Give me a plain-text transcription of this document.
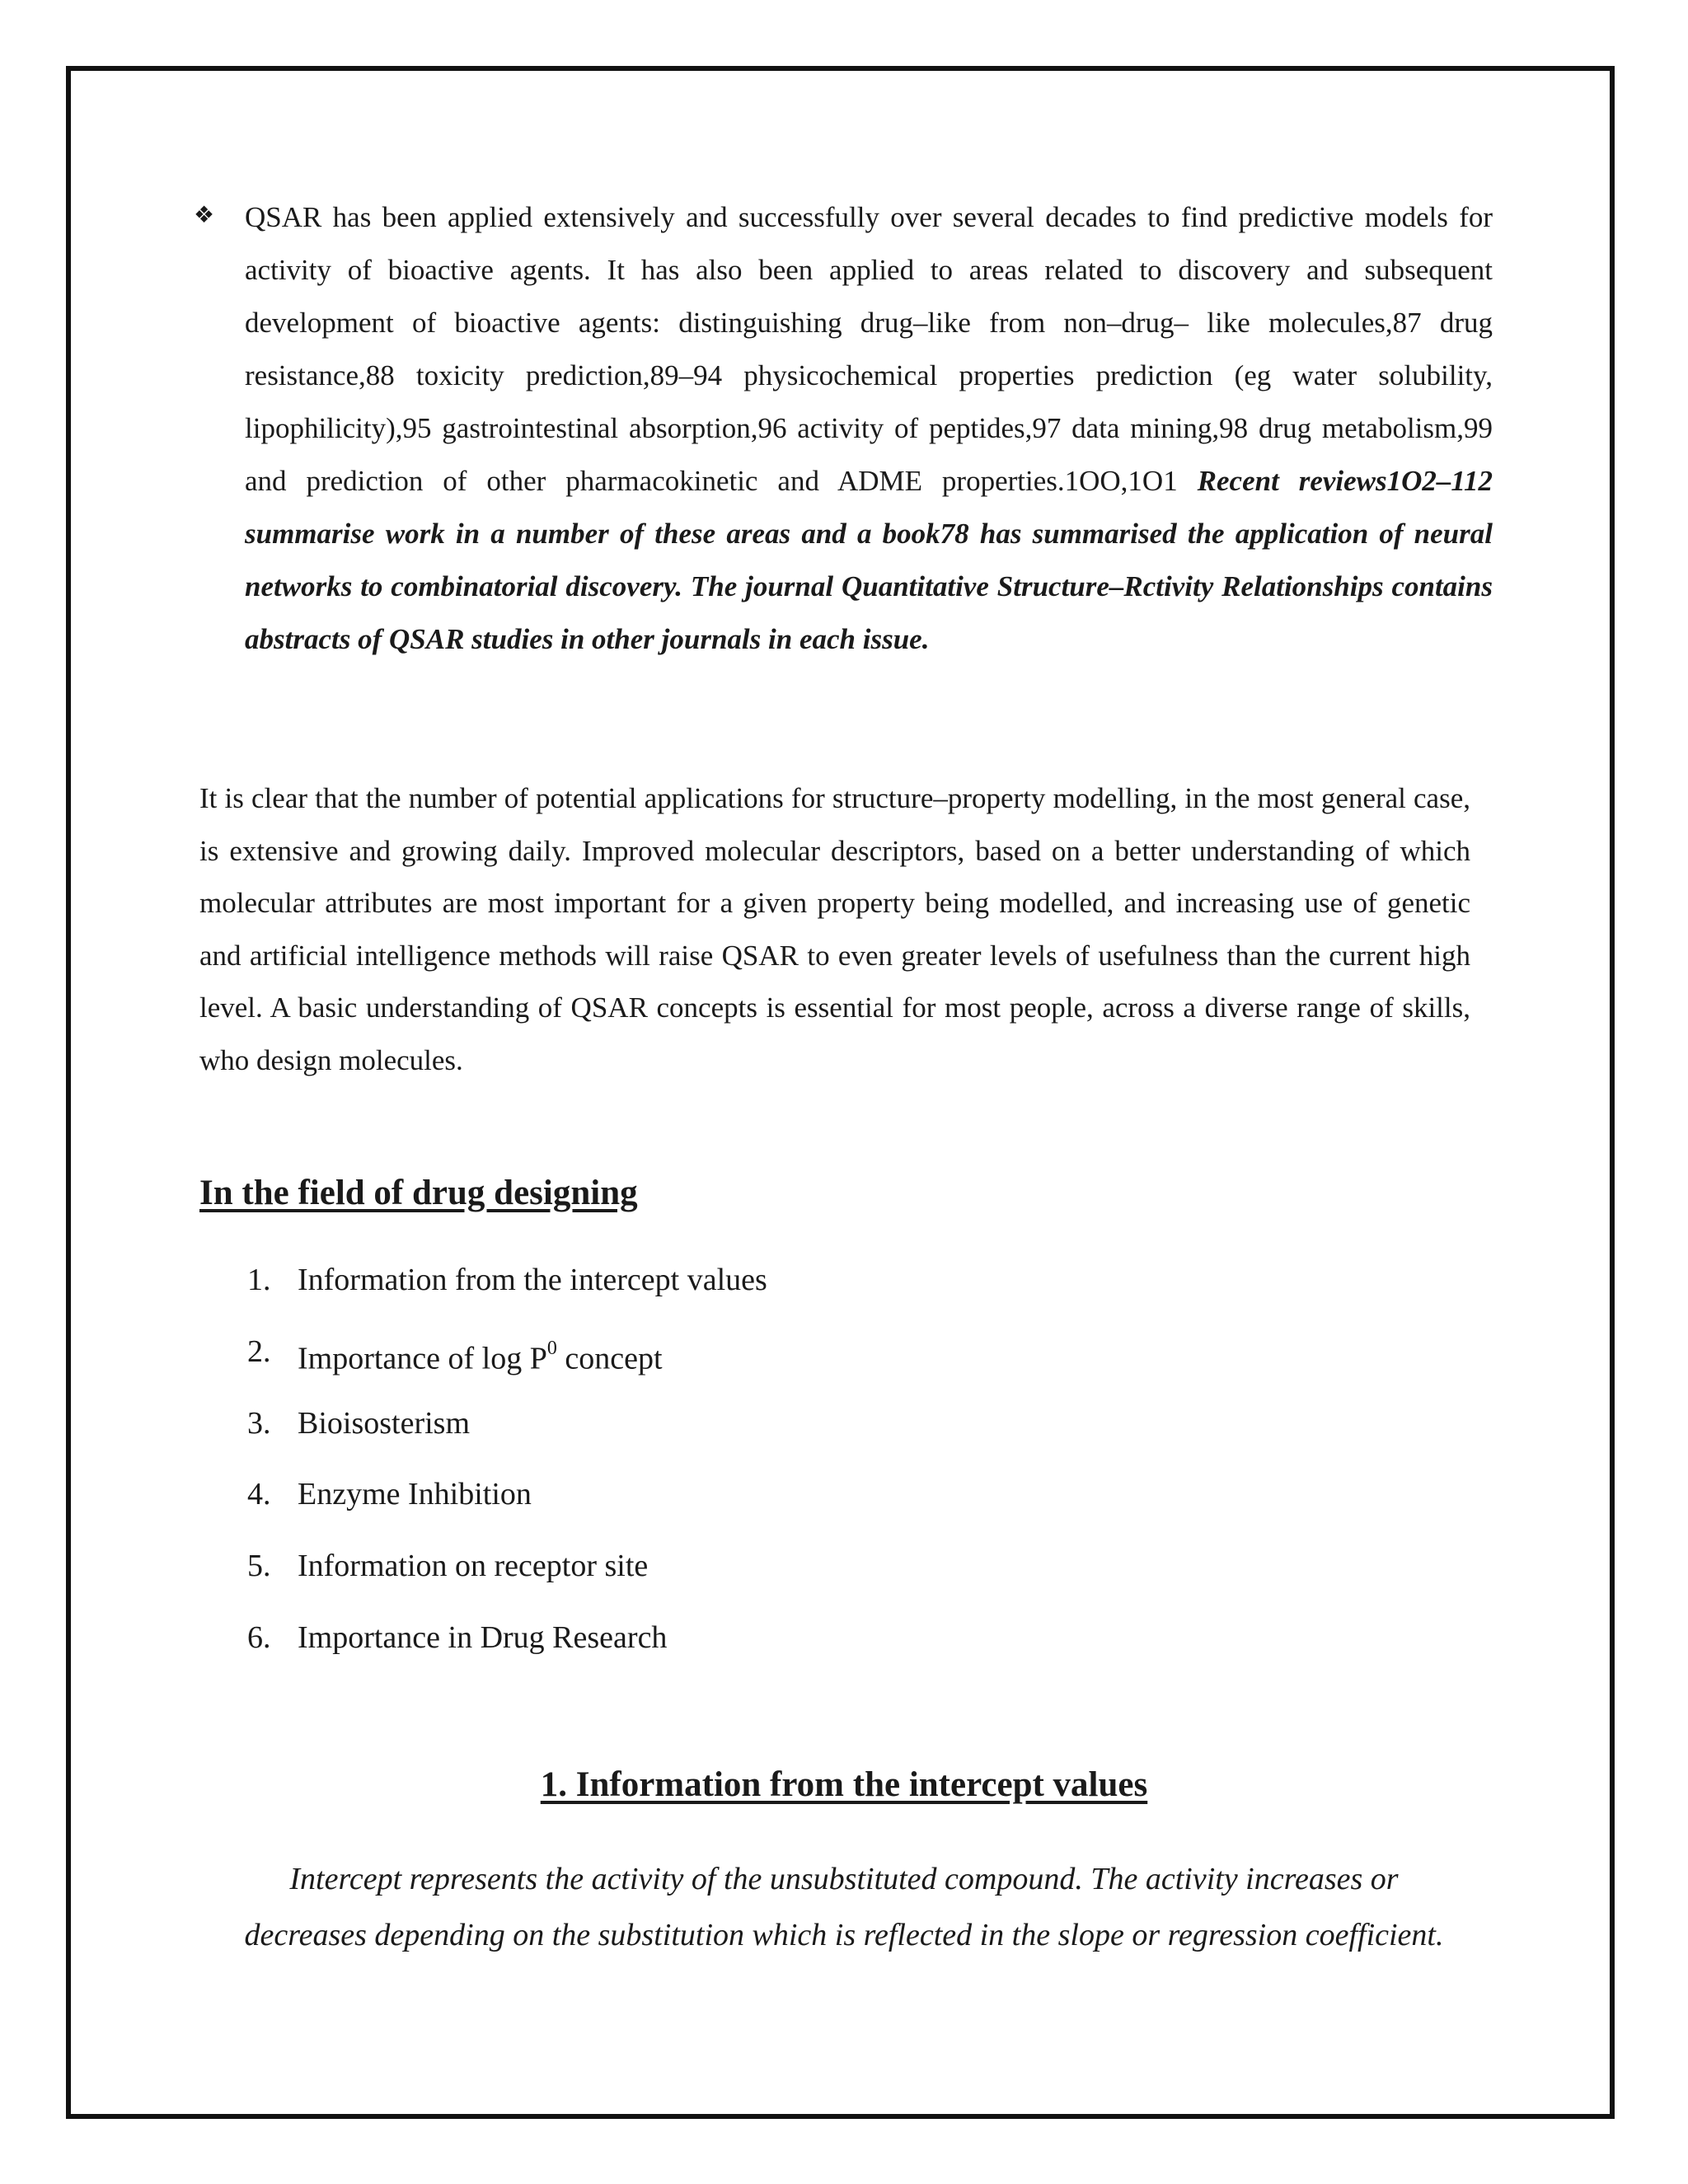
❖ QSAR has been applied extensively and successfully over several decades to find predictive models for activity of bioactive agents. It has also been applied to areas related to discovery and subsequent development of bioactive agents: distinguishing drug–like from non–drug– like molecules,87 drug resistance,88 toxicity prediction,89–94 physicochemical properties prediction (eg water solubility, lipophilicity),95 gastrointestinal absorption,96 activity of peptides,97 data mining,98 drug metabolism,99 and prediction of other pharmacokinetic and ADME properties.1OO,1O1 Recent reviews1O2–112 summarise work in a number of these areas and a book78 has summarised the application of neural networks to combinatorial discovery. The journal Quantitative Structure–Rctivity Relationships contains abstracts of QSAR studies in other journals in each issue.
It is clear that the number of potential applications for structure–property modelling, in the most general case, is extensive and growing daily. Improved molecular descriptors, based on a better understanding of which molecular attributes are most important for a given property being modelled, and increasing use of genetic and artificial intelligence methods will raise QSAR to even greater levels of usefulness than the current high level. A basic understanding of QSAR concepts is essential for most people, across a diverse range of skills, who design molecules.
In the field of drug designing
1. Information from the intercept values
2. Importance of $\log P^0$ concept
3. Bioisosterism
4. Enzyme Inhibition
5. Information on receptor site
6. Importance in Drug Research
1. Information from the intercept values
Intercept represents the activity of the unsubstituted compound. The activity increases or
decreases depending on the substitution which is reflected in the slope or regression coefficient.
